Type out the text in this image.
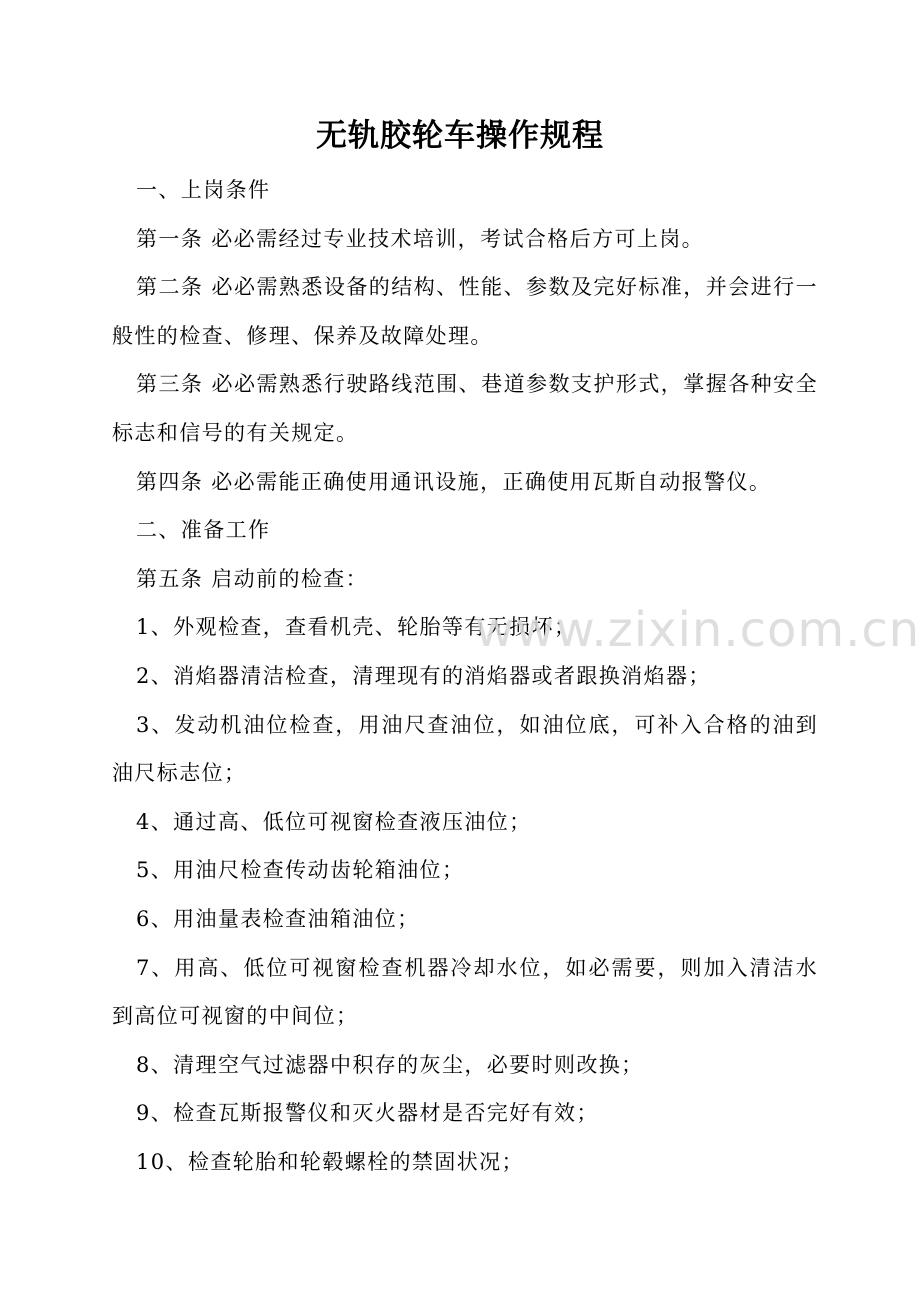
无轨胶轮车操作规程

一、上岗条件

第一条 必必需经过专业技术培训，考试合格后方可上岗。

第二条 必必需熟悉设备的结构、性能、参数及完好标准，并会进行一般性的检查、修理、保养及故障处理。

第三条 必必需熟悉行驶路线范围、巷道参数支护形式，掌握各种安全标志和信号的有关规定。

第四条 必必需能正确使用通讯设施，正确使用瓦斯自动报警仪。

二、准备工作

第五条 启动前的检查：

1、外观检查，查看机壳、轮胎等有无损坏；

2、消焰器清洁检查，清理现有的消焰器或者跟换消焰器；

3、发动机油位检查，用油尺查油位，如油位底，可补入合格的油到油尺标志位；

4、通过高、低位可视窗检查液压油位；

5、用油尺检查传动齿轮箱油位；

6、用油量表检查油箱油位；

7、用高、低位可视窗检查机器冷却水位，如必需要，则加入清洁水到高位可视窗的中间位；

8、清理空气过滤器中积存的灰尘，必要时则改换；

9、检查瓦斯报警仪和灭火器材是否完好有效；

10、检查轮胎和轮毂螺栓的禁固状况；

www.zixin.com.cn
